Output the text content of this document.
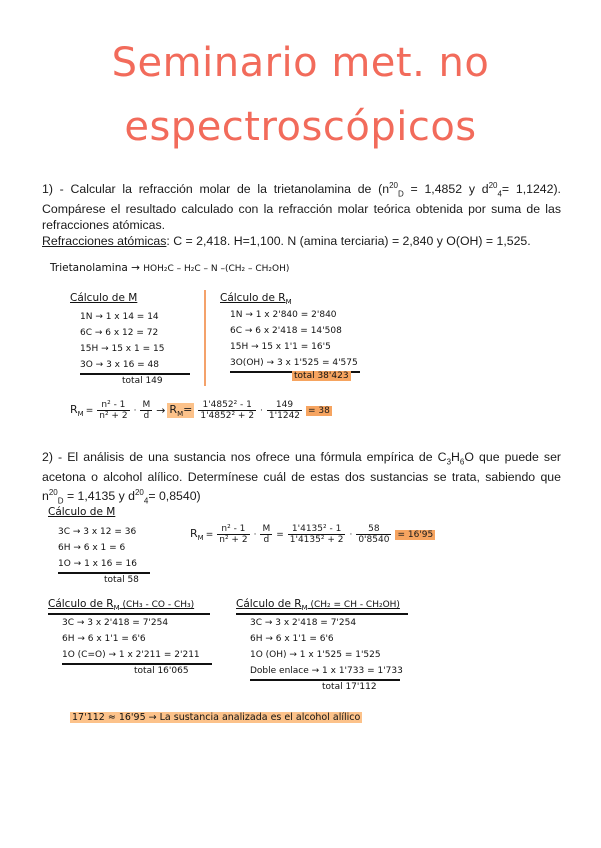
Seminario met. no
espectroscópicos
1) - Calcular la refracción molar de la trietanolamina de ($n^{20}_D = 1,4852$ y $d^{20}_4= 1,1242$). Compárese el resultado calculado con la refracción molar teórica obtenida por suma de las refracciones atómicas.
Refracciones atómicas: C = 2,418. H=1,100. N (amina terciaria) = 2,840 y O(OH) = 1,525.
Trietanolamina → HOH₂C – H₂C – N –(CH₂ – CH₂OH)
Cálculo de M
1N → 1 x 14 = 14
6C → 6 x 12 = 72
15H → 15 x 1 = 15
3O → 3 x 16 = 48
total 149
Cálculo de $R_M$
1N → 1 x 2'840 = 2'840
6C → 6 x 2'418 = 14'508
15H → 15 x 1'1 = 16'5
3O(OH) → 3 x 1'525 = 4'575
total 38'423
$R_M = \frac{\text{n² - 1}}{\text{n² + 2}} \cdot \frac{M}{d} \to R_M= \frac{\text{1'4852² - 1}}{\text{1'4852² + 2}} \cdot \frac{149}{1'1242} = 38$
2) - El análisis de una sustancia nos ofrece una fórmula empírica de $C_3H_6O$ que puede ser acetona o alcohol alílico. Determínese cuál de estas dos sustancias se trata, sabiendo que $n^{20}_D = 1,4135$ y $d^{20}_4= 0,8540$)
Cálculo de M
3C → 3 x 12 = 36
6H → 6 x 1 = 6
1O → 1 x 16 = 16
total 58
$R_M = \frac{\text{n² - 1}}{\text{n² + 2}} \cdot \frac{M}{d} = \frac{\text{1'4135² - 1}}{\text{1'4135² + 2}} \cdot \frac{58}{0'8540} = 16'95$
Cálculo de $R_M$ (CH₃ - CO - CH₃)
3C → 3 x 2'418 = 7'254
6H → 6 x 1'1 = 6'6
1O (C=O) → 1 x 2'211 = 2'211
total 16'065
Cálculo de $R_M$ (CH₂ = CH - CH₂OH)
3C → 3 x 2'418 = 7'254
6H → 6 x 1'1 = 6'6
1O (OH) → 1 x 1'525 = 1'525
Doble enlace → 1 x 1'733 = 1'733
total 17'112
17'112 ≈ 16'95 → La sustancia analizada es el alcohol alílico
